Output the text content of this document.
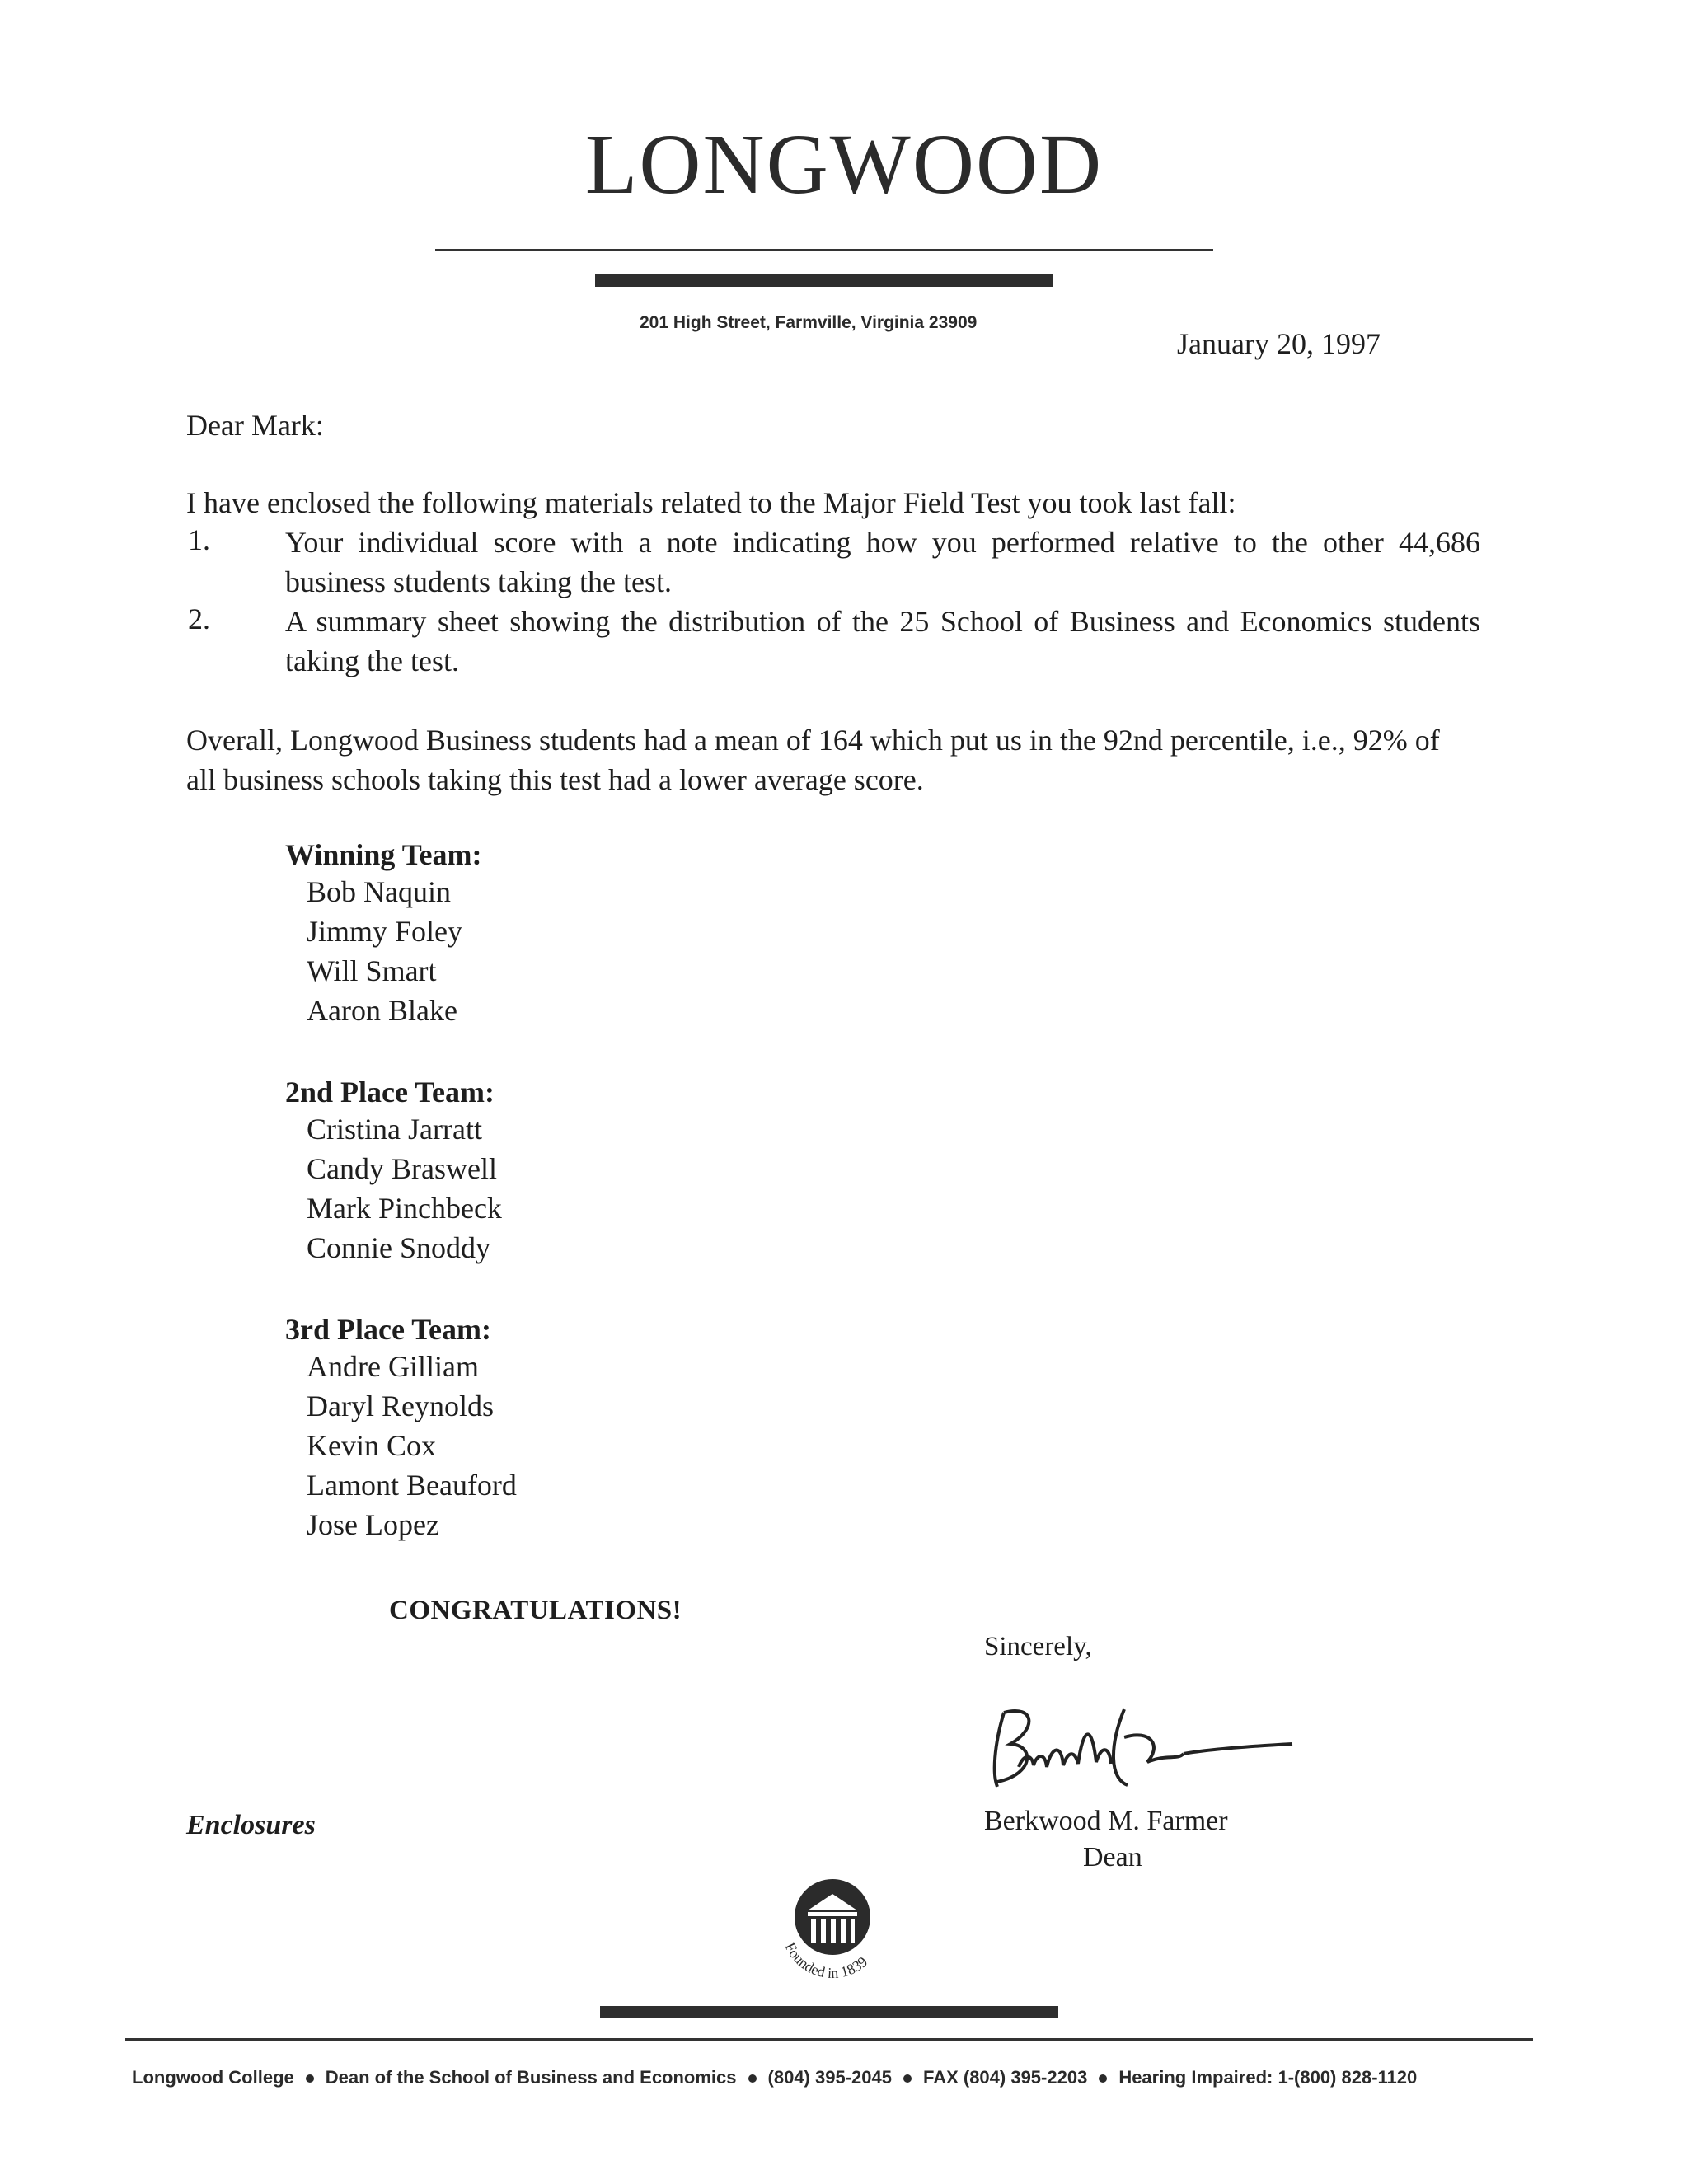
LONGWOOD
201 High Street, Farmville, Virginia 23909
January 20, 1997
Dear Mark:
I have enclosed the following materials related to the Major Field Test you took last fall:
1.	Your individual score with a note indicating how you performed relative to the other 44,686 business students taking the test.
2.	A summary sheet showing the distribution of the 25 School of Business and Economics students taking the test.
Overall, Longwood Business students had a mean of 164 which put us in the 92nd percentile, i.e., 92% of all business schools taking this test had a lower average score.
Winning Team:
Bob Naquin
Jimmy Foley
Will Smart
Aaron Blake
2nd Place Team:
Cristina Jarratt
Candy Braswell
Mark Pinchbeck
Connie Snoddy
3rd Place Team:
Andre Gilliam
Daryl Reynolds
Kevin Cox
Lamont Beauford
Jose Lopez
CONGRATULATIONS!
Sincerely,
Berkwood M. Farmer
Dean
Enclosures
Founded in 1839
Longwood College Dean of the School of Business and Economics (804) 395-2045 FAX (804) 395-2203 Hearing Impaired: 1-(800) 828-1120
